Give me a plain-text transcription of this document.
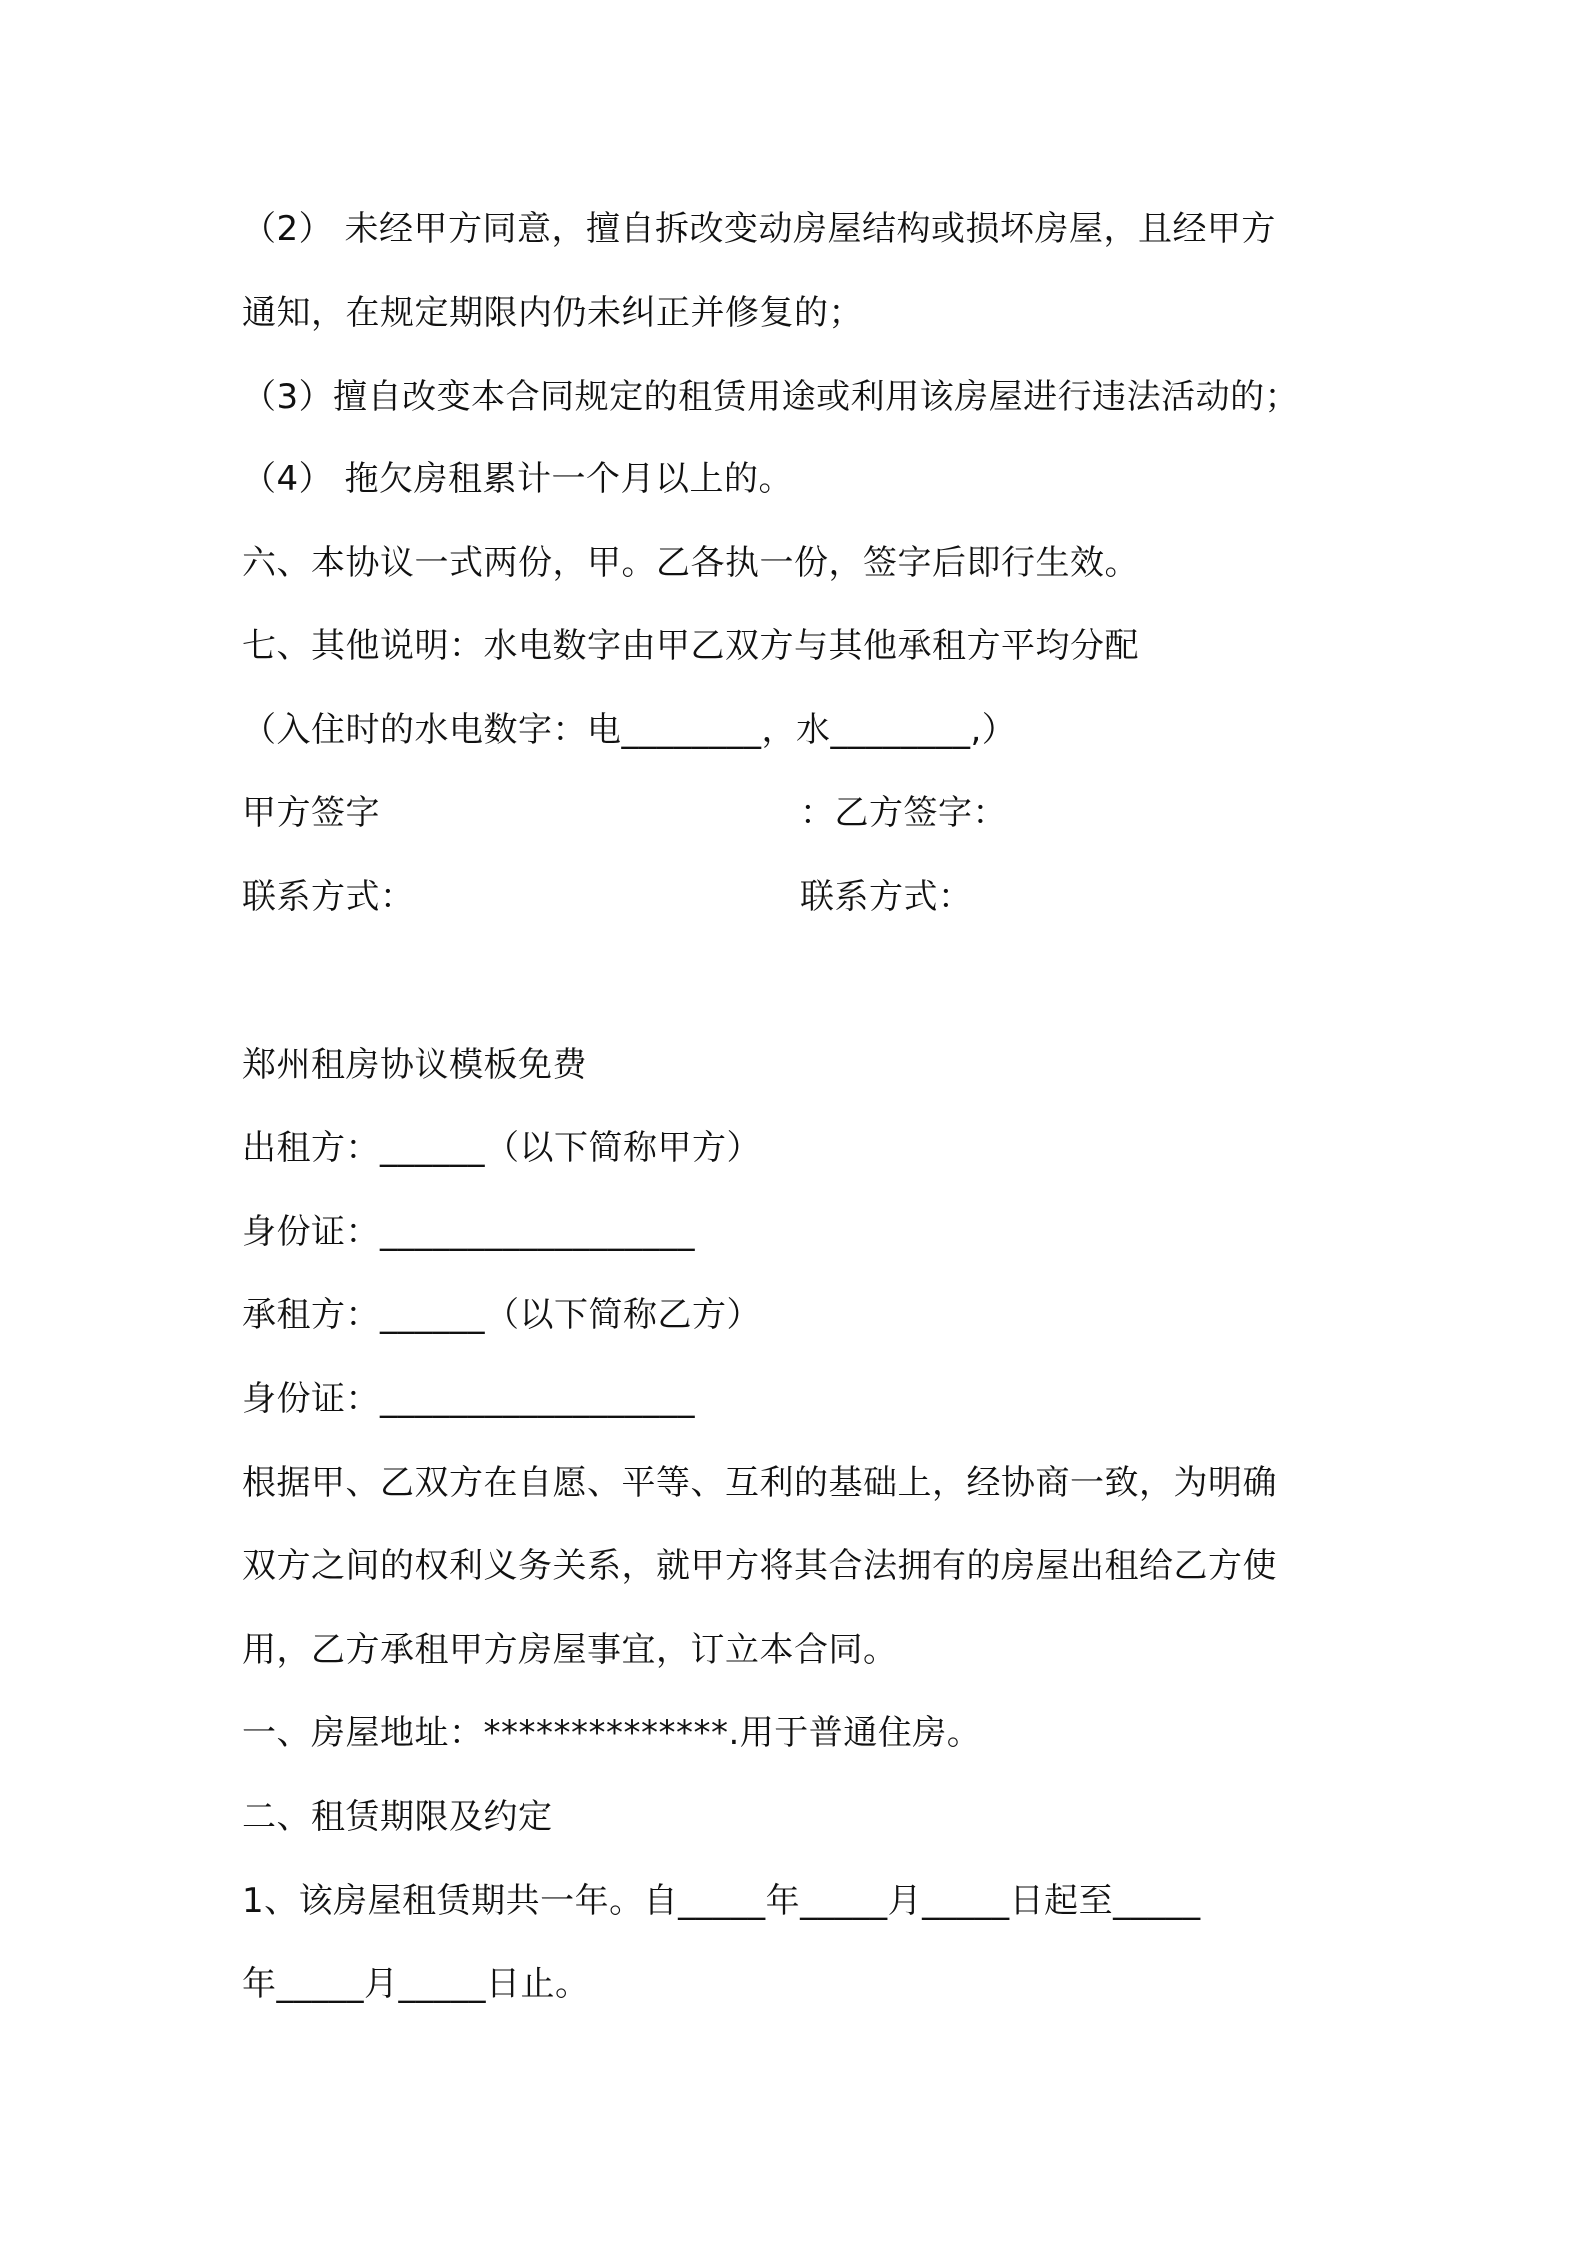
（2） 未经甲方同意，擅自拆改变动房屋结构或损坏房屋，且经甲方
通知，在规定期限内仍未纠正并修复的；
（3）擅自改变本合同规定的租赁用途或利用该房屋进行违法活动的；
（4） 拖欠房租累计一个月以上的。
六、本协议一式两份，甲。乙各执一份，签字后即行生效。
七、其他说明：水电数字由甲乙双方与其他承租方平均分配
（入住时的水电数字：电________，水________,）
甲方签字	：乙方签字：
联系方式：	联系方式：
郑州租房协议模板免费
出租方：______（以下简称甲方）
身份证：__________________
承租方：______（以下简称乙方）
身份证：__________________
根据甲、乙双方在自愿、平等、互利的基础上，经协商一致，为明确
双方之间的权利义务关系，就甲方将其合法拥有的房屋出租给乙方使
用，乙方承租甲方房屋事宜，订立本合同。
一、房屋地址：**************.用于普通住房。
二、租赁期限及约定
1、该房屋租赁期共一年。自_____年_____月_____日起至_____
年_____月_____日止。
